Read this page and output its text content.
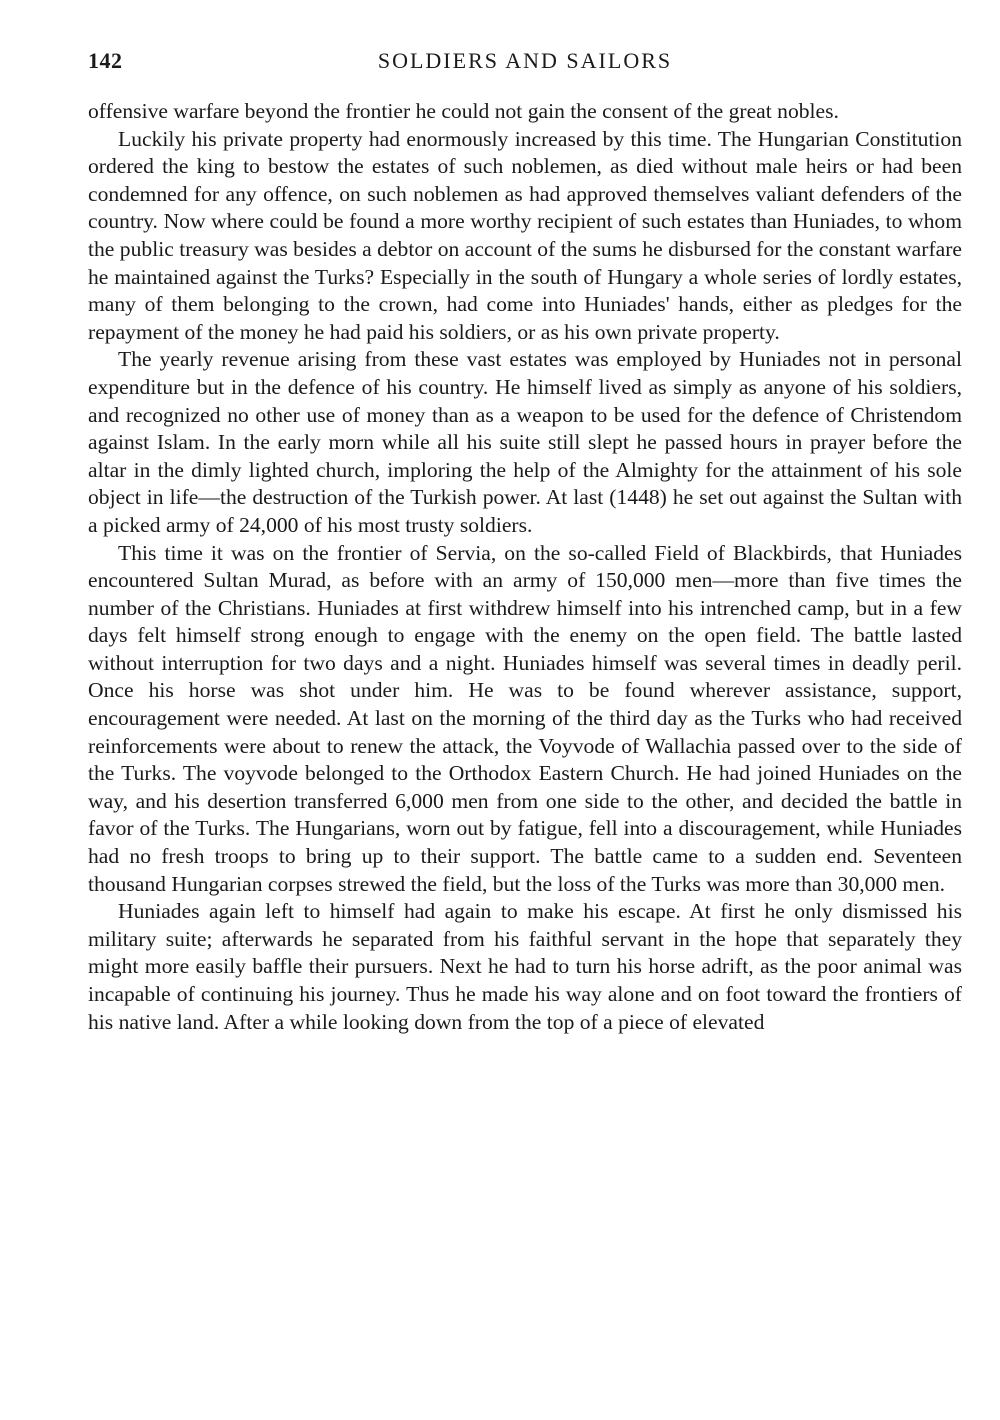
142	SOLDIERS AND SAILORS

offensive warfare beyond the frontier he could not gain the consent of the great nobles.

Luckily his private property had enormously increased by this time. The Hungarian Constitution ordered the king to bestow the estates of such noblemen, as died without male heirs or had been condemned for any offence, on such noblemen as had approved themselves valiant defenders of the country. Now where could be found a more worthy recipient of such estates than Huniades, to whom the public treasury was besides a debtor on account of the sums he disbursed for the constant warfare he maintained against the Turks? Especially in the south of Hungary a whole series of lordly estates, many of them belonging to the crown, had come into Huniades' hands, either as pledges for the repayment of the money he had paid his soldiers, or as his own private property.

The yearly revenue arising from these vast estates was employed by Huniades not in personal expenditure but in the defence of his country. He himself lived as simply as anyone of his soldiers, and recognized no other use of money than as a weapon to be used for the defence of Christendom against Islam. In the early morn while all his suite still slept he passed hours in prayer before the altar in the dimly lighted church, imploring the help of the Almighty for the attainment of his sole object in life—the destruction of the Turkish power. At last (1448) he set out against the Sultan with a picked army of 24,000 of his most trusty soldiers.

This time it was on the frontier of Servia, on the so-called Field of Blackbirds, that Huniades encountered Sultan Murad, as before with an army of 150,000 men—more than five times the number of the Christians. Huniades at first withdrew himself into his intrenched camp, but in a few days felt himself strong enough to engage with the enemy on the open field. The battle lasted without interruption for two days and a night. Huniades himself was several times in deadly peril. Once his horse was shot under him. He was to be found wherever assistance, support, encouragement were needed. At last on the morning of the third day as the Turks who had received reinforcements were about to renew the attack, the Voyvode of Wallachia passed over to the side of the Turks. The voyvode belonged to the Orthodox Eastern Church. He had joined Huniades on the way, and his desertion transferred 6,000 men from one side to the other, and decided the battle in favor of the Turks. The Hungarians, worn out by fatigue, fell into a discouragement, while Huniades had no fresh troops to bring up to their support. The battle came to a sudden end. Seventeen thousand Hungarian corpses strewed the field, but the loss of the Turks was more than 30,000 men.

Huniades again left to himself had again to make his escape. At first he only dismissed his military suite; afterwards he separated from his faithful servant in the hope that separately they might more easily baffle their pursuers. Next he had to turn his horse adrift, as the poor animal was incapable of continuing his journey. Thus he made his way alone and on foot toward the frontiers of his native land. After a while looking down from the top of a piece of elevated
